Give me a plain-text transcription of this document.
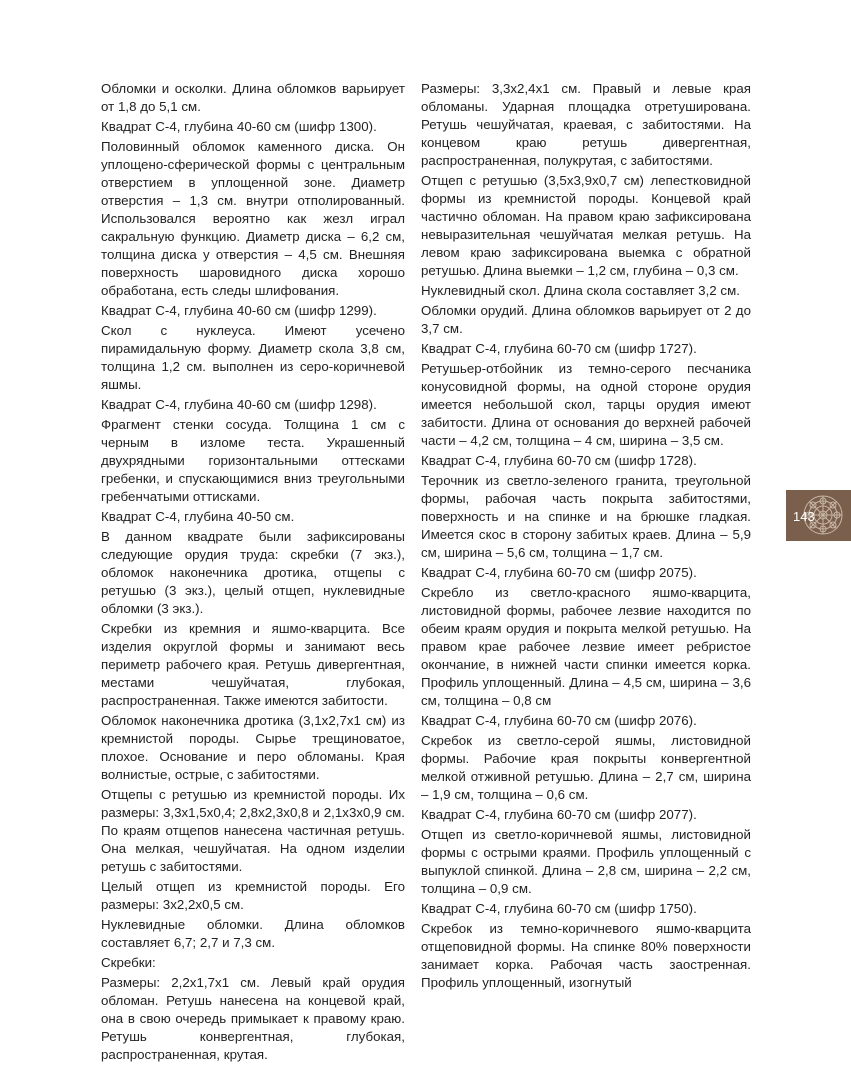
Обломки и осколки. Длина обломков варьирует от 1,8 до 5,1 см.

Квадрат С-4, глубина 40-60 см (шифр 1300).

Половинный обломок каменного диска. Он уплощено-сферической формы с центральным отверстием в уплощенной зоне. Диаметр отверстия – 1,3 см. внутри отполированный. Использовался вероятно как жезл играл сакральную функцию. Диаметр диска – 6,2 см, толщина диска у отверстия – 4,5 см. Внешняя поверхность шаровидного диска хорошо обработана, есть следы шлифования.

Квадрат С-4, глубина 40-60 см (шифр 1299).

Скол с нуклеуса. Имеют усечено пирамидальную форму. Диаметр скола 3,8 см, толщина 1,2 см. выполнен из серо-коричневой яшмы.

Квадрат С-4, глубина 40-60 см (шифр 1298).

Фрагмент стенки сосуда. Толщина 1 см с черным в изломе теста. Украшенный двухрядными горизонтальными оттесками гребенки, и спускающимися вниз треугольными гребенчатыми оттисками.

Квадрат С-4, глубина 40-50 см.

В данном квадрате были зафиксированы следующие орудия труда: скребки (7 экз.), обломок наконечника дротика, отщепы с ретушью (3 экз.), целый отщеп, нуклевидные обломки (3 экз.).

Скребки из кремния и яшмо-кварцита. Все изделия округлой формы и занимают весь периметр рабочего края. Ретушь дивергентная, местами чешуйчатая, глубокая, распространенная. Также имеются забитости.

Обломок наконечника дротика (3,1х2,7х1 см) из кремнистой породы. Сырье трещиноватое, плохое. Основание и перо обломаны. Края волнистые, острые, с забитостями.

Отщепы с ретушью из кремнистой породы. Их размеры: 3,3х1,5х0,4; 2,8х2,3х0,8 и 2,1х3х0,9 см. По краям отщепов нанесена частичная ретушь. Она мелкая, чешуйчатая. На одном изделии ретушь с забитостями.

Целый отщеп из кремнистой породы. Его размеры: 3х2,2х0,5 см.

Нуклевидные обломки. Длина обломков составляет 6,7; 2,7 и 7,3 см.

Скребки:

Размеры: 2,2х1,7х1 см. Левый край орудия обломан. Ретушь нанесена на концевой край, она в свою очередь примыкает к правому краю. Ретушь конвергентная, глубокая, распространенная, крутая.

Размеры: 3,3х2,4х1 см. Правый и левые края обломаны. Ударная площадка отретуширована. Ретушь чешуйчатая, краевая, с забитостями. На концевом краю ретушь дивергентная, распространенная, полукрутая, с забитостями.

Отщеп с ретушью (3,5х3,9х0,7 см) лепестковидной формы из кремнистой породы. Концевой край частично обломан. На правом краю зафиксирована невыразительная чешуйчатая мелкая ретушь. На левом краю зафиксирована выемка с обратной ретушью. Длина выемки – 1,2 см, глубина – 0,3 см.

Нуклевидный скол. Длина скола составляет 3,2 см.

Обломки орудий. Длина обломков варьирует от 2 до 3,7 см.

Квадрат С-4, глубина 60-70 см (шифр 1727).

Ретушьер-отбойник из темно-серого песчаника конусовидной формы, на одной стороне орудия имеется небольшой скол, тарцы орудия имеют забитости. Длина от основания до верхней рабочей части – 4,2 см, толщина – 4 см, ширина – 3,5 см.

Квадрат С-4, глубина 60-70 см (шифр 1728).

Терочник из светло-зеленого гранита, треугольной формы, рабочая часть покрыта забитостями, поверхность и на спинке и на брюшке гладкая. Имеется скос в сторону забитых краев. Длина – 5,9 см, ширина – 5,6 см, толщина – 1,7 см.

Квадрат С-4, глубина 60-70 см (шифр 2075).

Скребло из светло-красного яшмо-кварцита, листовидной формы, рабочее лезвие находится по обеим краям орудия и покрыта мелкой ретушью. На правом крае рабочее лезвие имеет ребристое окончание, в нижней части спинки имеется корка. Профиль уплощенный. Длина – 4,5 см, ширина – 3,6 см, толщина – 0,8 см

Квадрат С-4, глубина 60-70 см (шифр 2076).

Скребок из светло-серой яшмы, листовидной формы. Рабочие края покрыты конвергентной мелкой отживной ретушью. Длина – 2,7 см, ширина – 1,9 см, толщина – 0,6 см.

Квадрат С-4, глубина 60-70 см (шифр 2077).

Отщеп из светло-коричневой яшмы, листовидной формы с острыми краями. Профиль уплощенный с выпуклой спинкой. Длина – 2,8 см, ширина – 2,2 см, толщина – 0,9 см.

Квадрат С-4, глубина 60-70 см (шифр 1750).

Скребок из темно-коричневого яшмо-кварцита отщеповидной формы. На спинке 80% поверхности занимает корка. Рабочая часть заостренная. Профиль уплощенный, изогнутый

143
